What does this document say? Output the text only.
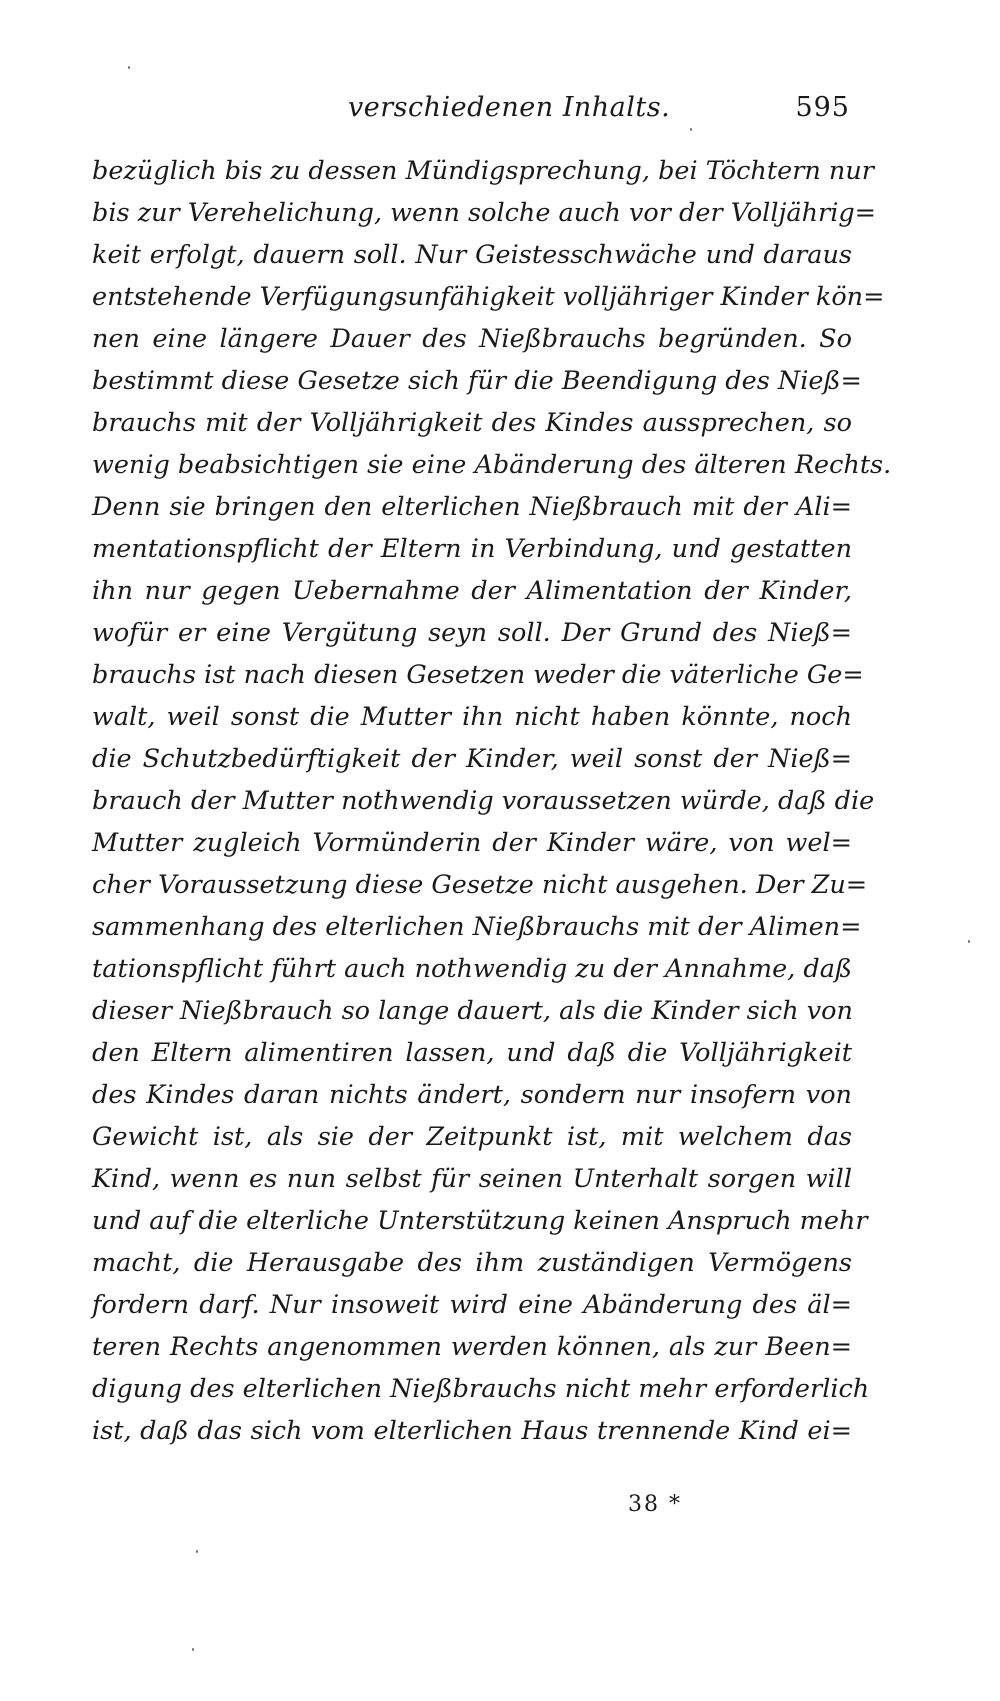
verschiedenen Inhalts.	595
bezüglich bis zu dessen Mündigsprechung, bei Töchtern nur
bis zur Verehelichung, wenn solche auch vor der Volljährig=
keit erfolgt, dauern soll. Nur Geistesschwäche und daraus
entstehende Verfügungsunfähigkeit volljähriger Kinder kön=
nen eine längere Dauer des Nießbrauchs begründen. So
bestimmt diese Gesetze sich für die Beendigung des Nieß=
brauchs mit der Volljährigkeit des Kindes aussprechen, so
wenig beabsichtigen sie eine Abänderung des älteren Rechts.
Denn sie bringen den elterlichen Nießbrauch mit der Ali=
mentationspflicht der Eltern in Verbindung, und gestatten
ihn nur gegen Uebernahme der Alimentation der Kinder,
wofür er eine Vergütung seyn soll. Der Grund des Nieß=
brauchs ist nach diesen Gesetzen weder die väterliche Ge=
walt, weil sonst die Mutter ihn nicht haben könnte, noch
die Schutzbedürftigkeit der Kinder, weil sonst der Nieß=
brauch der Mutter nothwendig voraussetzen würde, daß die
Mutter zugleich Vormünderin der Kinder wäre, von wel=
cher Voraussetzung diese Gesetze nicht ausgehen. Der Zu=
sammenhang des elterlichen Nießbrauchs mit der Alimen=
tationspflicht führt auch nothwendig zu der Annahme, daß
dieser Nießbrauch so lange dauert, als die Kinder sich von
den Eltern alimentiren lassen, und daß die Volljährigkeit
des Kindes daran nichts ändert, sondern nur insofern von
Gewicht ist, als sie der Zeitpunkt ist, mit welchem das
Kind, wenn es nun selbst für seinen Unterhalt sorgen will
und auf die elterliche Unterstützung keinen Anspruch mehr
macht, die Herausgabe des ihm zuständigen Vermögens
fordern darf. Nur insoweit wird eine Abänderung des äl=
teren Rechts angenommen werden können, als zur Been=
digung des elterlichen Nießbrauchs nicht mehr erforderlich
ist, daß das sich vom elterlichen Haus trennende Kind ei=
38 *
